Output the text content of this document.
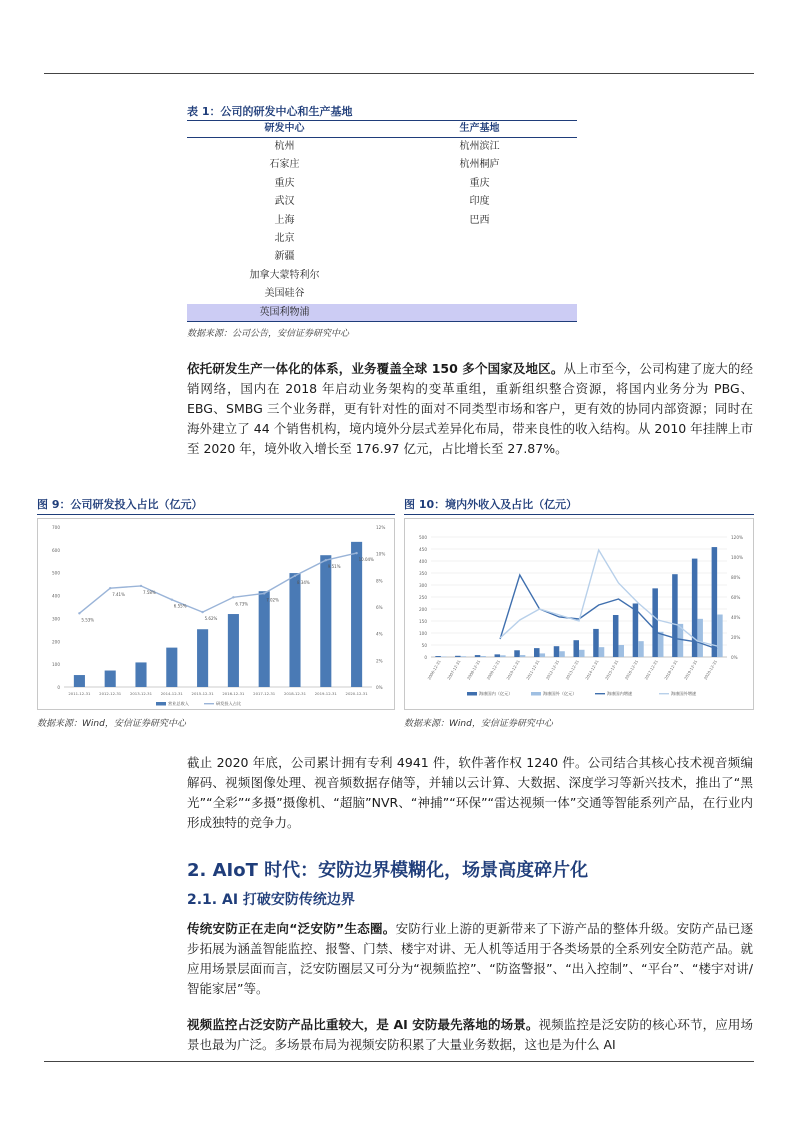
表 1：公司的研发中心和生产基地
研发中心	生产基地
杭州	杭州滨江
石家庄	杭州桐庐
重庆	重庆
武汉	印度
上海	巴西
北京
新疆
加拿大蒙特利尔
美国硅谷
英国利物浦
数据来源：公司公告，安信证券研究中心

依托研发生产一体化的体系，业务覆盖全球 150 多个国家及地区。从上市至今，公司构建了庞大的经销网络，国内在 2018 年启动业务架构的变革重组，重新组织整合资源，将国内业务分为 PBG、EBG、SMBG 三个业务群，更有针对性的面对不同类型市场和客户，更有效的协同内部资源；同时在海外建立了 44 个销售机构，境内境外分层式差异化布局，带来良性的收入结构。从 2010 年挂牌上市至 2020 年，境外收入增长至 176.97 亿元，占比增长至 27.87%。

图 9：公司研发投入占比（亿元）
0
100
200
300
400
500
600
700
0%
2%
4%
6%
8%
10%
12%
5.53%
7.41%	7.58%
6.55%
5.62%
6.73%
7.02%
8.34%
9.51%
10.04%
2011-12-31 2012-12-31 2013-12-31 2014-12-31 2015-12-31 2016-12-31 2017-12-31 2018-12-31 2019-12-31 2020-12-31
营业总收入	研发投入占比
数据来源：Wind，安信证券研究中心
图 10：境内外收入及占比（亿元）
0
50
100
150
200
250
300
350
400
450
500
0%
20%
40%
60%
80%
100%
120%
2006-12-31 2007-12-31 2008-12-31 2009-12-31 2010-12-31 2011-12-31 2012-12-31 2013-12-31 2014-12-31 2015-12-31 2016-12-31 2017-12-31 2018-12-31 2019-12-31 2020-12-31
海康国内（亿元）	海康国外（亿元）	海康国内增速	海康国外增速
数据来源：Wind，安信证券研究中心

截止 2020 年底，公司累计拥有专利 4941 件，软件著作权 1240 件。公司结合其核心技术视音频编解码、视频图像处理、视音频数据存储等，并辅以云计算、大数据、深度学习等新兴技术，推出了“黑光”“全彩”“多摄”摄像机、“超脑”NVR、“神捕”“环保”“雷达视频一体”交通等智能系列产品，在行业内形成独特的竞争力。

2. AIoT 时代：安防边界模糊化，场景高度碎片化
2.1. AI 打破安防传统边界

传统安防正在走向“泛安防”生态圈。安防行业上游的更新带来了下游产品的整体升级。安防产品已逐步拓展为涵盖智能监控、报警、门禁、楼宇对讲、无人机等适用于各类场景的全系列安全防范产品。就应用场景层面而言，泛安防圈层又可分为“视频监控”、“防盗警报”、“出入控制”、“平台”、“楼宇对讲/智能家居”等。

视频监控占泛安防产品比重较大，是 AI 安防最先落地的场景。视频监控是泛安防的核心环节，应用场景也最为广泛。多场景布局为视频安防积累了大量业务数据，这也是为什么 AI
